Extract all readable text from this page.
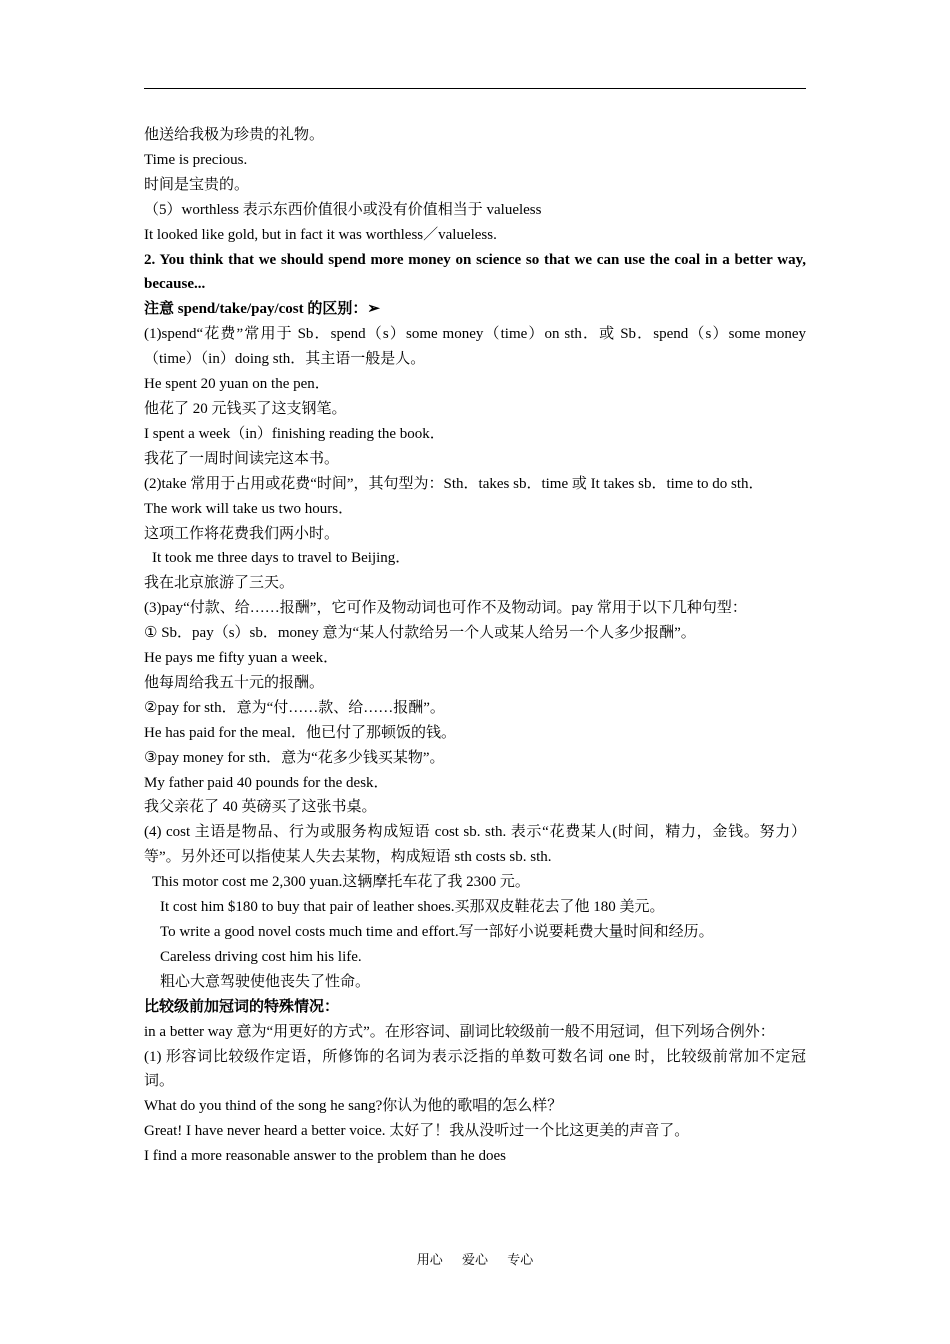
他送给我极为珍贵的礼物。

Time is precious.

时间是宝贵的。

（5）worthless 表示东西价值很小或没有价值相当于 valueless

It looked like gold, but in fact it was worthless／valueless.

2. You think that we should spend more money on science so that we can use the coal in a better way, because...

注意 spend/take/pay/cost 的区别：➢

(1)spend“花费”常用于 Sb．spend（s）some money（time）on sth．或 Sb．spend（s）some money（time）（in）doing sth．其主语一般是人。

He spent 20 yuan on the pen．

他花了 20 元钱买了这支钢笔。

I spent a week（in）finishing reading the book．

我花了一周时间读完这本书。

(2)take 常用于占用或花费“时间”，其句型为：Sth．takes sb．time 或 It takes sb．time to do sth．

The work will take us two hours．

这项工作将花费我们两小时。

It took me three days to travel to Beijing．

我在北京旅游了三天。

(3)pay“付款、给……报酬”，它可作及物动词也可作不及物动词。pay 常用于以下几种句型：

① Sb．pay（s）sb．money 意为“某人付款给另一个人或某人给另一个人多少报酬”。

He pays me fifty yuan a week．

他每周给我五十元的报酬。

②pay for sth．意为“付……款、给……报酬”。

He has paid for the meal．他已付了那顿饭的钱。

③pay money for sth．意为“花多少钱买某物”。

My father paid 40 pounds for the desk．

我父亲花了 40 英磅买了这张书桌。

(4) cost 主语是物品、行为或服务构成短语 cost sb. sth. 表示“花费某人(时间，精力，金钱。努力）等”。另外还可以指使某人失去某物，构成短语 sth costs sb. sth.

This motor cost me 2,300 yuan.这辆摩托车花了我 2300 元。

It cost him $180 to buy that pair of leather shoes.买那双皮鞋花去了他 180 美元。

To write a good novel costs much time and effort.写一部好小说要耗费大量时间和经历。

Careless driving cost him his life.

粗心大意驾驶使他丧失了性命。

比较级前加冠词的特殊情况：

in a better way 意为“用更好的方式”。在形容词、副词比较级前一般不用冠词，但下列场合例外：

(1) 形容词比较级作定语，所修饰的名词为表示泛指的单数可数名词 one 时，比较级前常加不定冠词。

What do you thind of the song he sang?你认为他的歌唱的怎么样？

Great! I have never heard a better voice. 太好了！我从没听过一个比这更美的声音了。

I find a more reasonable answer to the problem than he does

用心 爱心 专心
